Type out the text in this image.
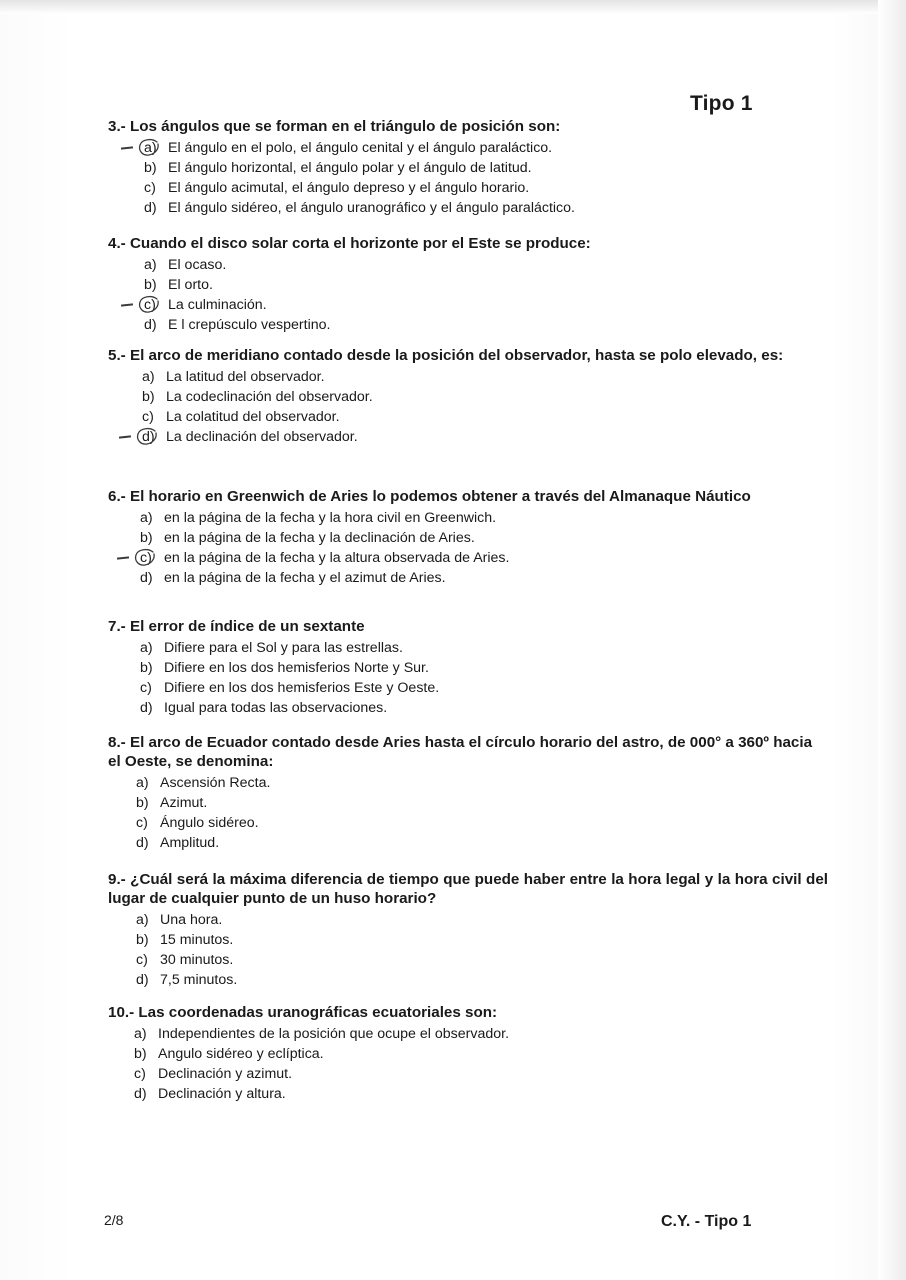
Tipo 1

3.- Los ángulos que se forman en el triángulo de posición son:

a) El ángulo en el polo, el ángulo cenital y el ángulo paraláctico.
b) El ángulo horizontal, el ángulo polar y el ángulo de latitud.
c) El ángulo acimutal, el ángulo depreso y el ángulo horario.
d) El ángulo sidéreo, el ángulo uranográfico y el ángulo paraláctico.

4.- Cuando el disco solar corta el horizonte por el Este se produce:

a) El ocaso.
b) El orto.
c) La culminación.
d) E l crepúsculo vespertino.

5.- El arco de meridiano contado desde la posición del observador, hasta se polo elevado, es:

a) La latitud del observador.
b) La codeclinación del observador.
c) La colatitud del observador.
d) La declinación del observador.

6.- El horario en Greenwich de Aries lo podemos obtener a través del Almanaque Náutico

a) en la página de la fecha y la hora civil en Greenwich.
b) en la página de la fecha y la declinación de Aries.
c) en la página de la fecha y la altura observada de Aries.
d) en la página de la fecha y el azimut de Aries.

7.- El error de índice de un sextante

a) Difiere para el Sol y para las estrellas.
b) Difiere en los dos hemisferios Norte y Sur.
c) Difiere en los dos hemisferios Este y Oeste.
d) Igual para todas las observaciones.

8.- El arco de Ecuador contado desde Aries hasta el círculo horario del astro, de 000° a 360º hacia el Oeste, se denomina:

a) Ascensión Recta.
b) Azimut.
c) Ángulo sidéreo.
d) Amplitud.

9.- ¿Cuál será la máxima diferencia de tiempo que puede haber entre la hora legal y la hora civil del lugar de cualquier punto de un huso horario?

a) Una hora.
b) 15 minutos.
c) 30 minutos.
d) 7,5 minutos.

10.- Las coordenadas uranográficas ecuatoriales son:

a) Independientes de la posición que ocupe el observador.
b) Angulo sidéreo y eclíptica.
c) Declinación y azimut.
d) Declinación y altura.
2/8	C.Y. - Tipo 1
